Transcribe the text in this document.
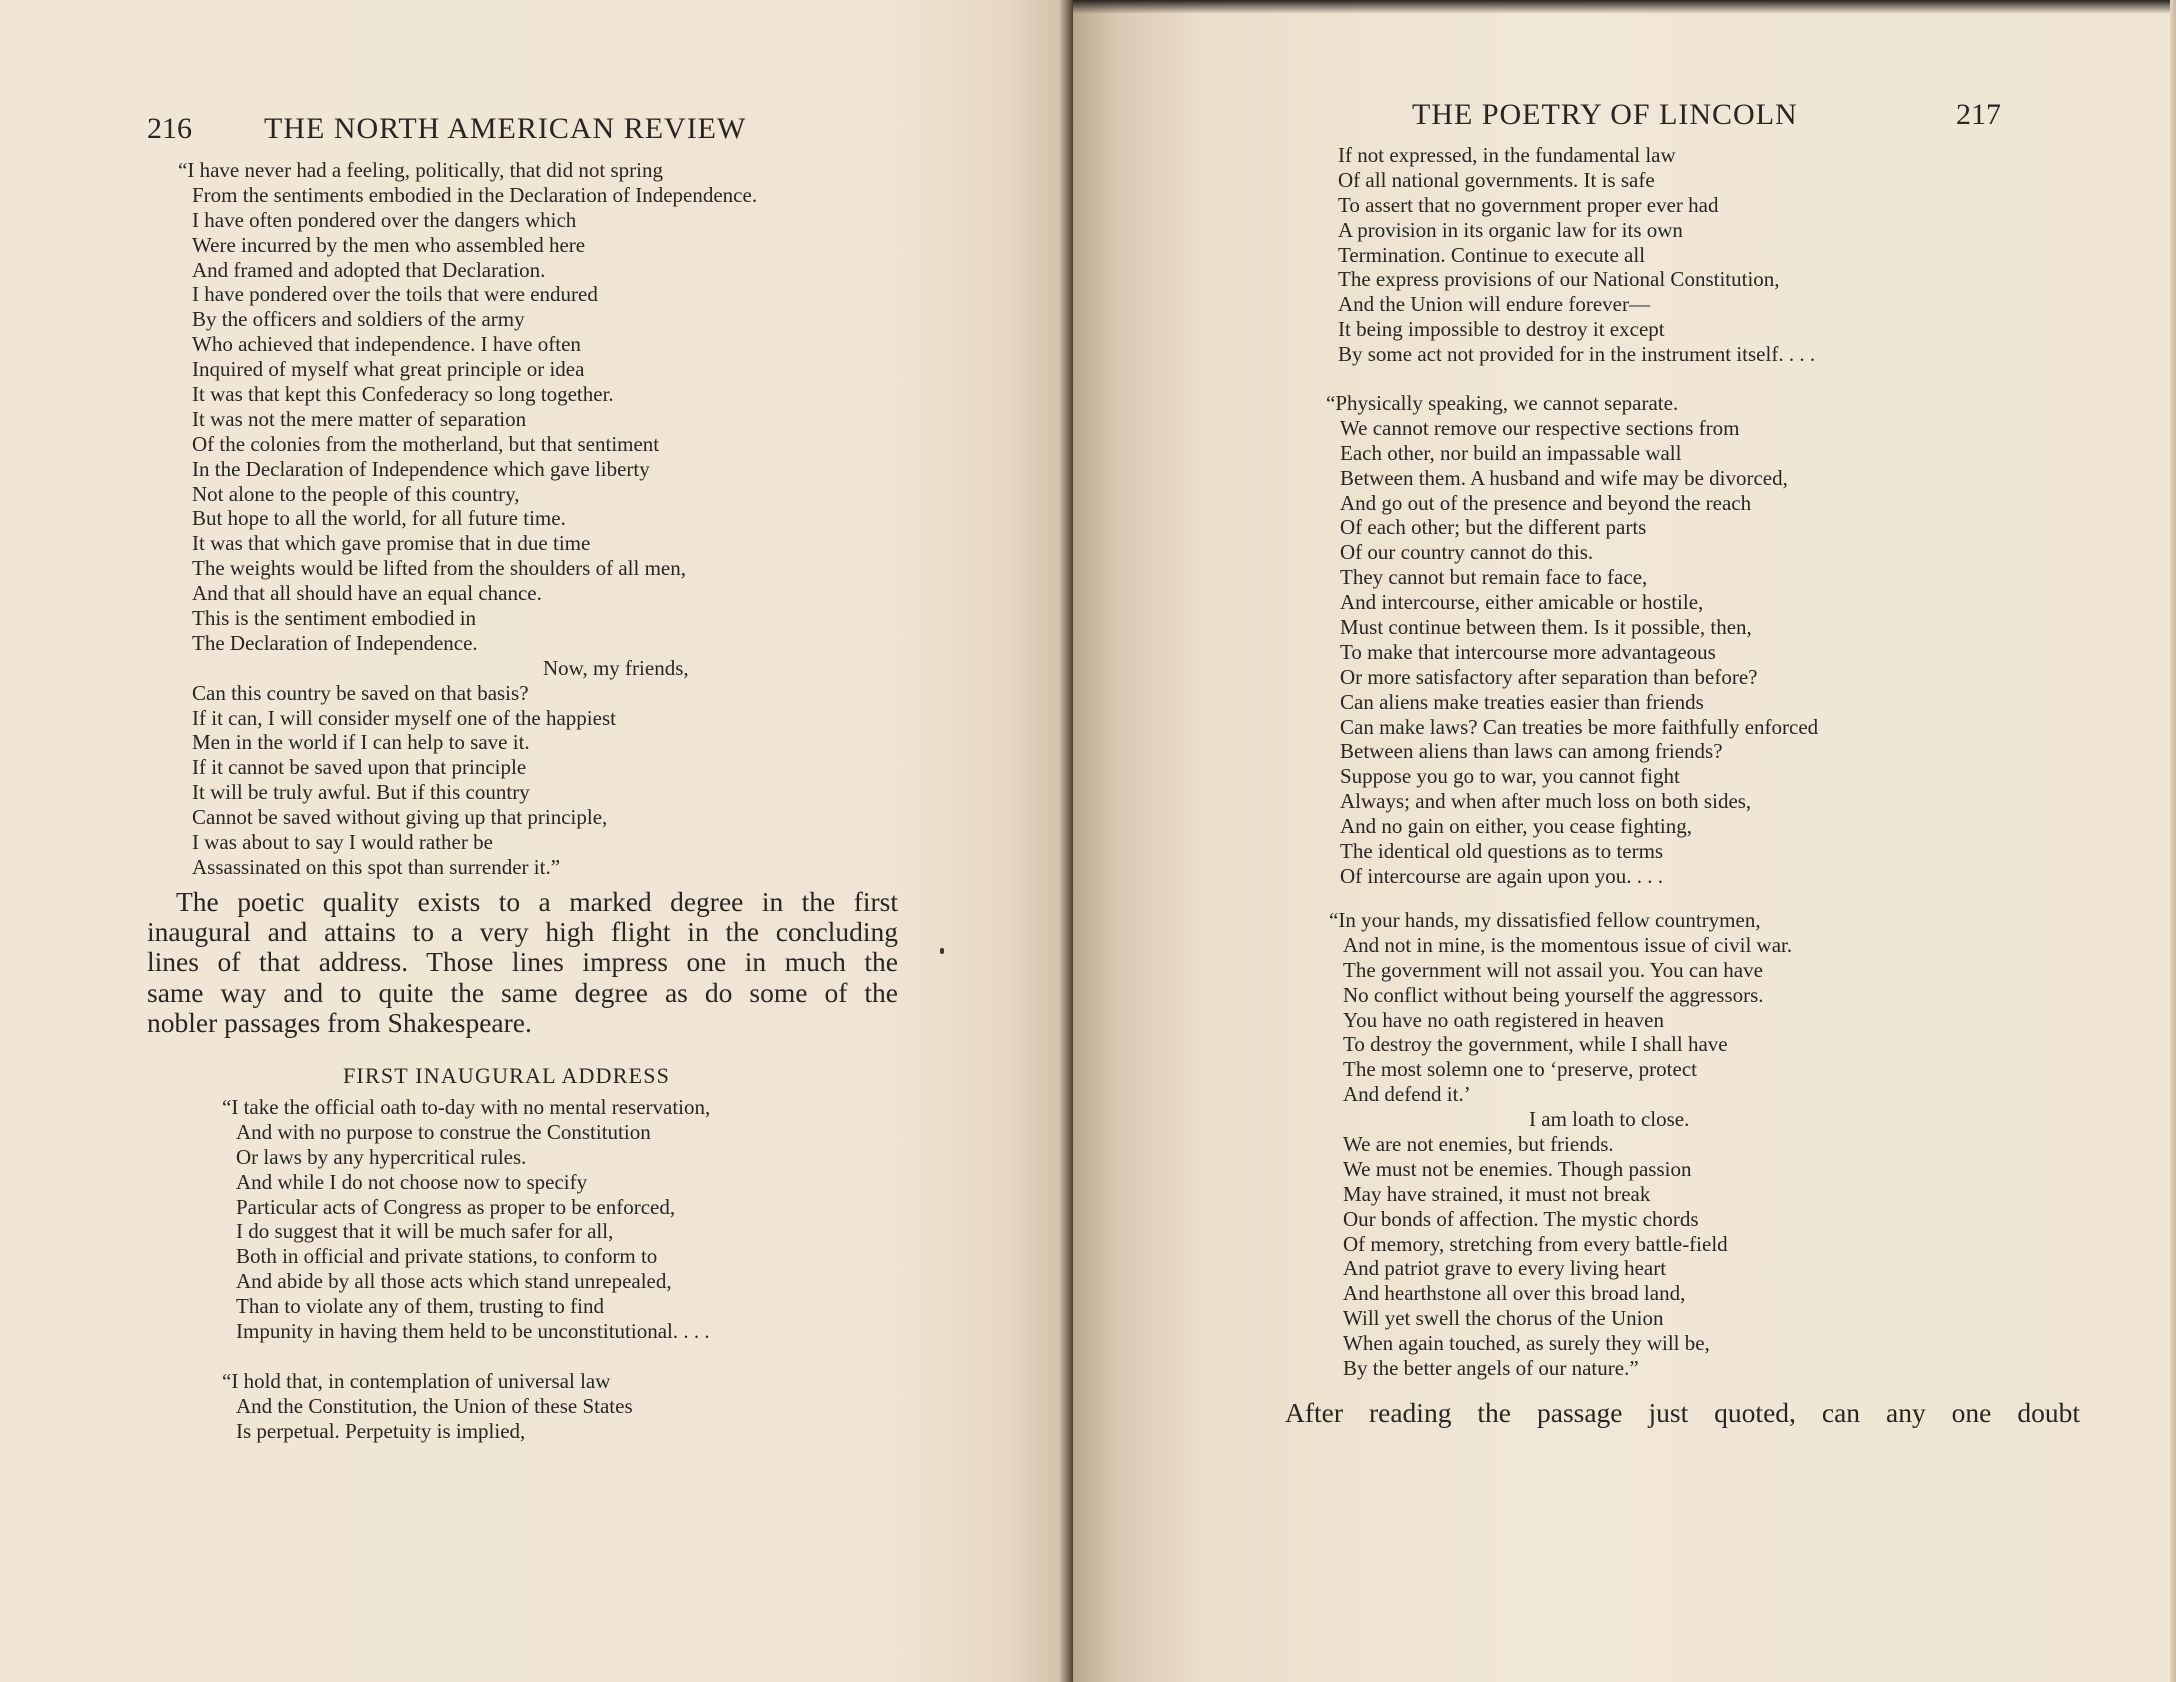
216 THE NORTH AMERICAN REVIEW
“I have never had a feeling, politically, that did not spring
From the sentiments embodied in the Declaration of Independence.
I have often pondered over the dangers which
Were incurred by the men who assembled here
And framed and adopted that Declaration.
I have pondered over the toils that were endured
By the officers and soldiers of the army
Who achieved that independence. I have often
Inquired of myself what great principle or idea
It was that kept this Confederacy so long together.
It was not the mere matter of separation
Of the colonies from the motherland, but that sentiment
In the Declaration of Independence which gave liberty
Not alone to the people of this country,
But hope to all the world, for all future time.
It was that which gave promise that in due time
The weights would be lifted from the shoulders of all men,
And that all should have an equal chance.
This is the sentiment embodied in
The Declaration of Independence.
Now, my friends,
Can this country be saved on that basis?
If it can, I will consider myself one of the happiest
Men in the world if I can help to save it.
If it cannot be saved upon that principle
It will be truly awful. But if this country
Cannot be saved without giving up that principle,
I was about to say I would rather be
Assassinated on this spot than surrender it.”
The poetic quality exists to a marked degree in the first
inaugural and attains to a very high flight in the concluding
lines of that address. Those lines impress one in much the
same way and to quite the same degree as do some of the
nobler passages from Shakespeare.
FIRST INAUGURAL ADDRESS
“I take the official oath to-day with no mental reservation,
And with no purpose to construe the Constitution
Or laws by any hypercritical rules.
And while I do not choose now to specify
Particular acts of Congress as proper to be enforced,
I do suggest that it will be much safer for all,
Both in official and private stations, to conform to
And abide by all those acts which stand unrepealed,
Than to violate any of them, trusting to find
Impunity in having them held to be unconstitutional. . . .
“I hold that, in contemplation of universal law
And the Constitution, the Union of these States
Is perpetual. Perpetuity is implied,
THE POETRY OF LINCOLN	217
If not expressed, in the fundamental law
Of all national governments. It is safe
To assert that no government proper ever had
A provision in its organic law for its own
Termination. Continue to execute all
The express provisions of our National Constitution,
And the Union will endure forever—
It being impossible to destroy it except
By some act not provided for in the instrument itself. . . .
“Physically speaking, we cannot separate.
We cannot remove our respective sections from
Each other, nor build an impassable wall
Between them. A husband and wife may be divorced,
And go out of the presence and beyond the reach
Of each other; but the different parts
Of our country cannot do this.
They cannot but remain face to face,
And intercourse, either amicable or hostile,
Must continue between them. Is it possible, then,
To make that intercourse more advantageous
Or more satisfactory after separation than before?
Can aliens make treaties easier than friends
Can make laws? Can treaties be more faithfully enforced
Between aliens than laws can among friends?
Suppose you go to war, you cannot fight
Always; and when after much loss on both sides,
And no gain on either, you cease fighting,
The identical old questions as to terms
Of intercourse are again upon you. . . .
“In your hands, my dissatisfied fellow countrymen,
And not in mine, is the momentous issue of civil war.
The government will not assail you. You can have
No conflict without being yourself the aggressors.
You have no oath registered in heaven
To destroy the government, while I shall have
The most solemn one to ‘preserve, protect
And defend it.’
I am loath to close.
We are not enemies, but friends.
We must not be enemies. Though passion
May have strained, it must not break
Our bonds of affection. The mystic chords
Of memory, stretching from every battle-field
And patriot grave to every living heart
And hearthstone all over this broad land,
Will yet swell the chorus of the Union
When again touched, as surely they will be,
By the better angels of our nature.”
After reading the passage just quoted, can any one doubt
